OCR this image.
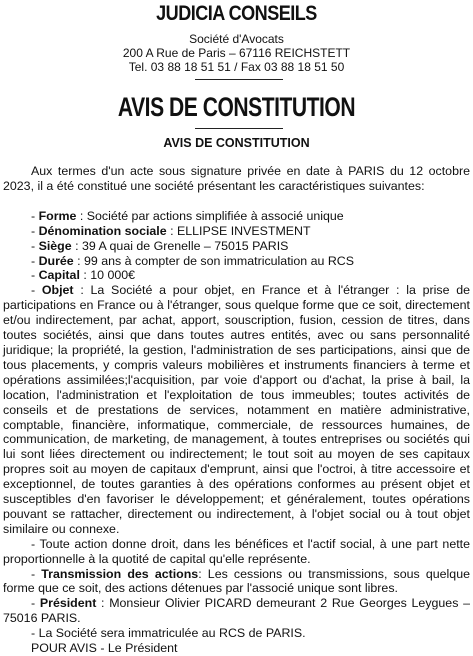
JUDICIA CONSEILS
Société d'Avocats
200 A Rue de Paris – 67116 REICHSTETT
Tel. 03 88 18 51 51 / Fax 03 88 18 51 50
AVIS DE CONSTITUTION
AVIS DE CONSTITUTION

Aux termes d'un acte sous signature privée en date à PARIS du 12 octobre 2023, il a été constitué une société présentant les caractéristiques suivantes:

- Forme : Société par actions simplifiée à associé unique

- Dénomination sociale : ELLIPSE INVESTMENT

- Siège : 39 A quai de Grenelle – 75015 PARIS

- Durée : 99 ans à compter de son immatriculation au RCS

- Capital : 10 000€

- Objet : La Société a pour objet, en France et à l'étranger : la prise de participations en France ou à l'étranger, sous quelque forme que ce soit, directement et/ou indirectement, par achat, apport, souscription, fusion, cession de titres, dans toutes sociétés, ainsi que dans toutes autres entités, avec ou sans personnalité juridique; la propriété, la gestion, l'administration de ses participations, ainsi que de tous placements, y compris valeurs mobilières et instruments financiers à terme et opérations assimilées;l'acquisition, par voie d'apport ou d'achat, la prise à bail, la location, l'administration et l'exploitation de tous immeubles; toutes activités de conseils et de prestations de services, notamment en matière administrative, comptable, financière, informatique, commerciale, de ressources humaines, de communication, de marketing, de management, à toutes entreprises ou sociétés qui lui sont liées directement ou indirectement; le tout soit au moyen de ses capitaux propres soit au moyen de capitaux d'emprunt, ainsi que l'octroi, à titre accessoire et exceptionnel, de toutes garanties à des opérations conformes au présent objet et susceptibles d'en favoriser le développement; et généralement, toutes opérations pouvant se rattacher, directement ou indirectement, à l'objet social ou à tout objet similaire ou connexe.

- Toute action donne droit, dans les bénéfices et l'actif social, à une part nette proportionnelle à la quotité de capital qu'elle représente.

- Transmission des actions: Les cessions ou transmissions, sous quelque forme que ce soit, des actions détenues par l'associé unique sont libres.

- Président : Monsieur Olivier PICARD demeurant 2 Rue Georges Leygues – 75016 PARIS.

- La Société sera immatriculée au RCS de PARIS.

POUR AVIS - Le Président
